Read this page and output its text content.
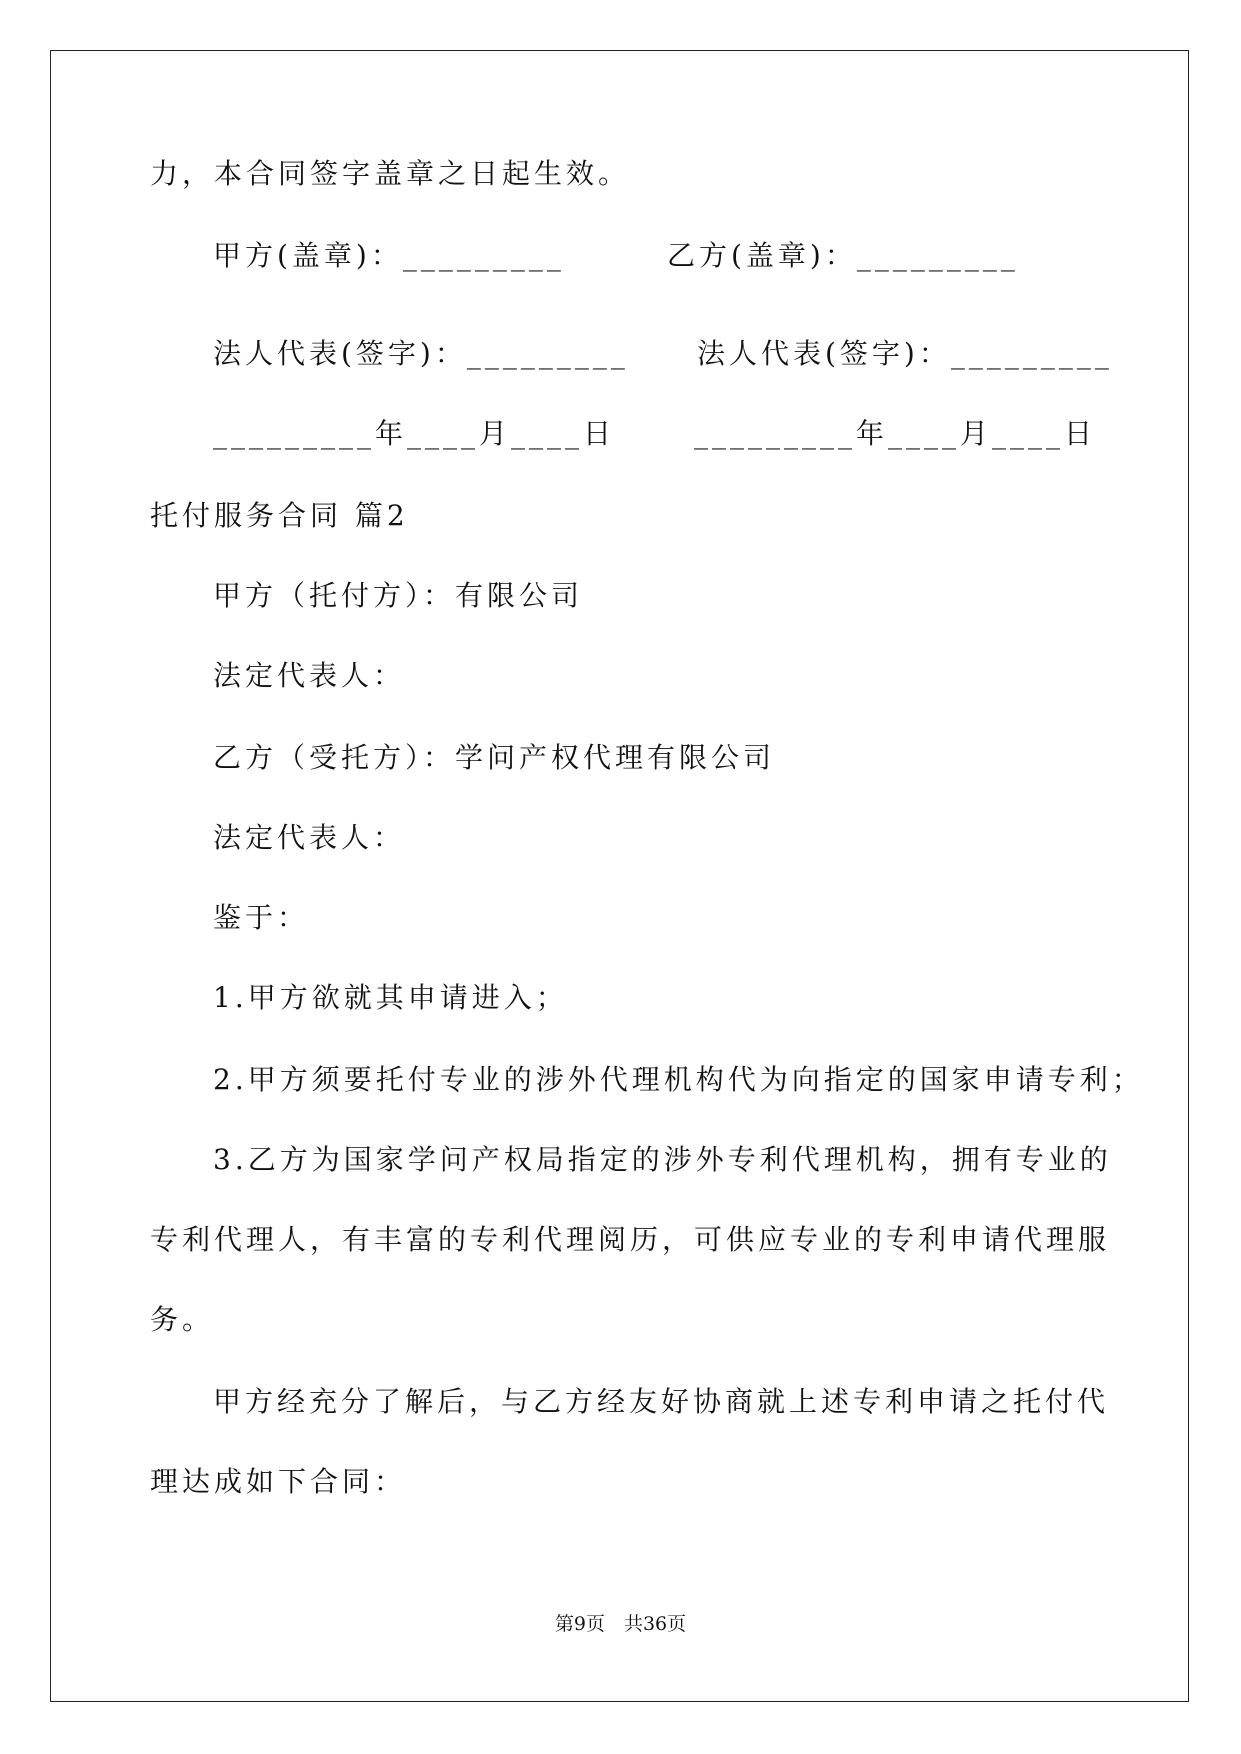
力，本合同签字盖章之日起生效。
甲方(盖章)：_________	乙方(盖章)：_________
法人代表(签字)：_________ 法人代表(签字)：_________
_________年____月____日	_________年____月____日
托付服务合同 篇2
甲方（托付方）：有限公司
法定代表人：
乙方（受托方）：学问产权代理有限公司
法定代表人：
鉴于：
1.甲方欲就其申请进入；
2.甲方须要托付专业的涉外代理机构代为向指定的国家申请专利；
3.乙方为国家学问产权局指定的涉外专利代理机构，拥有专业的
专利代理人，有丰富的专利代理阅历，可供应专业的专利申请代理服
务。
甲方经充分了解后，与乙方经友好协商就上述专利申请之托付代
理达成如下合同：
第9页　共36页
